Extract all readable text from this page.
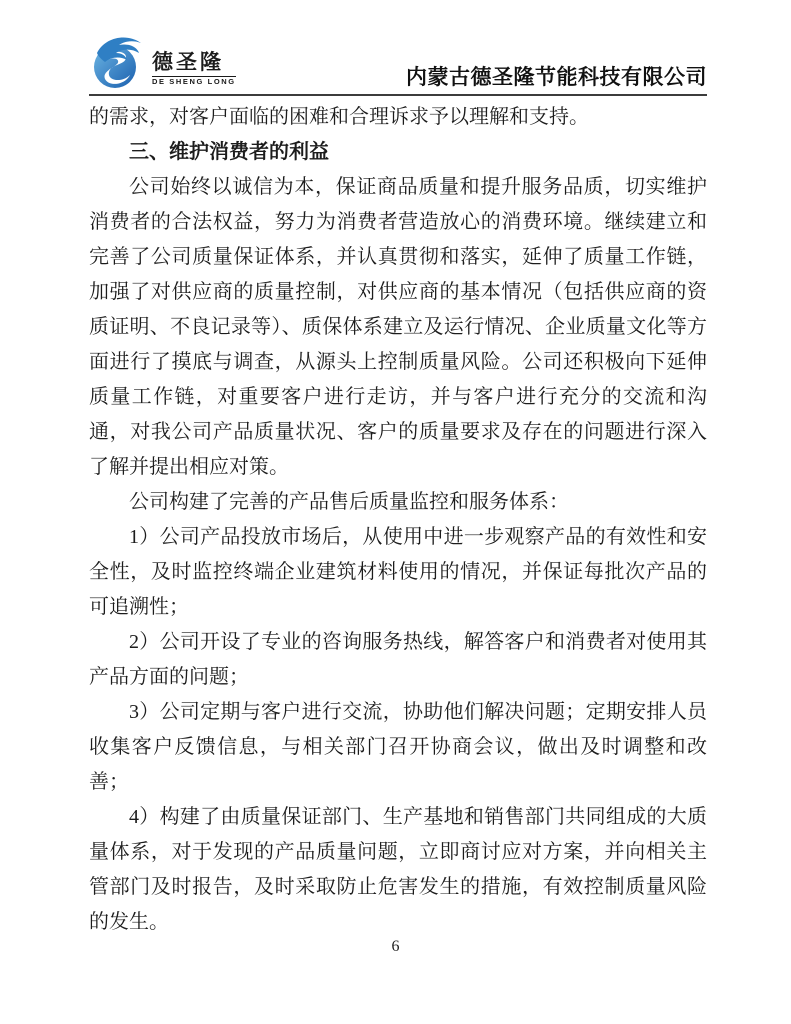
德圣隆
DE SHENG LONG	内蒙古德圣隆节能科技有限公司

的需求，对客户面临的困难和合理诉求予以理解和支持。

三、维护消费者的利益

公司始终以诚信为本，保证商品质量和提升服务品质，切实维护消费者的合法权益，努力为消费者营造放心的消费环境。继续建立和完善了公司质量保证体系，并认真贯彻和落实，延伸了质量工作链，加强了对供应商的质量控制，对供应商的基本情况（包括供应商的资质证明、不良记录等）、质保体系建立及运行情况、企业质量文化等方面进行了摸底与调查，从源头上控制质量风险。公司还积极向下延伸质量工作链，对重要客户进行走访，并与客户进行充分的交流和沟通，对我公司产品质量状况、客户的质量要求及存在的问题进行深入了解并提出相应对策。

公司构建了完善的产品售后质量监控和服务体系：

1）公司产品投放市场后，从使用中进一步观察产品的有效性和安全性，及时监控终端企业建筑材料使用的情况，并保证每批次产品的可追溯性；

2）公司开设了专业的咨询服务热线，解答客户和消费者对使用其产品方面的问题；

3）公司定期与客户进行交流，协助他们解决问题；定期安排人员收集客户反馈信息，与相关部门召开协商会议，做出及时调整和改善；

4）构建了由质量保证部门、生产基地和销售部门共同组成的大质量体系，对于发现的产品质量问题，立即商讨应对方案，并向相关主管部门及时报告，及时采取防止危害发生的措施，有效控制质量风险的发生。

6
